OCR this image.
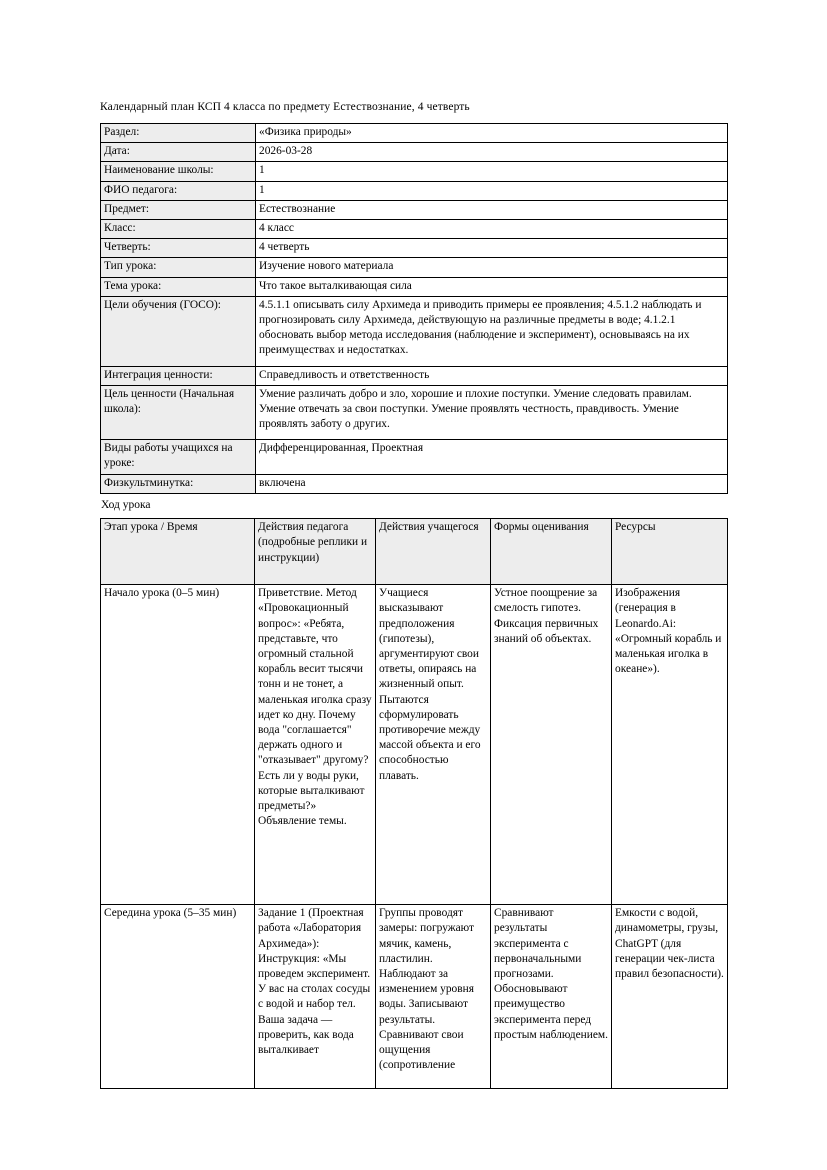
Календарный план КСП 4 класса по предмету Естествознание, 4 четверть
Раздел:	«Физика природы»
Дата:	2026-03-28
Наименование школы:	1
ФИО педагога:	1
Предмет:	Естествознание
Класс:	4 класс
Четверть:	4 четверть
Тип урока:	Изучение нового материала
Тема урока:	Что такое выталкивающая сила
Цели обучения (ГОСО):	4.5.1.1 описывать силу Архимеда и приводить примеры ее проявления; 4.5.1.2 наблюдать и прогнозировать силу Архимеда, действующую на различные предметы в воде; 4.1.2.1 обосновать выбор метода исследования (наблюдение и эксперимент), основываясь на их преимуществах и недостатках.
Интеграция ценности:	Справедливость и ответственность
Цель ценности (Начальная школа):	Умение различать добро и зло, хорошие и плохие поступки. Умение следовать правилам. Умение отвечать за свои поступки. Умение проявлять честность, правдивость. Умение проявлять заботу о других.
Виды работы учащихся на уроке:	Дифференцированная, Проектная
Физкультминутка:	включена
Ход урока
Этап урока / Время	Действия педагога (подробные реплики и инструкции)	Действия учащегося	Формы оценивания	Ресурсы
Начало урока (0–5 мин)	Приветствие. Метод «Провокационный вопрос»: «Ребята, представьте, что огромный стальной корабль весит тысячи тонн и не тонет, а маленькая иголка сразу идет ко дну. Почему вода "соглашается" держать одного и "отказывает" другому? Есть ли у воды руки, которые выталкивают предметы?» Объявление темы.	Учащиеся высказывают предположения (гипотезы), аргументируют свои ответы, опираясь на жизненный опыт. Пытаются сформулировать противоречие между массой объекта и его способностью плавать.	Устное поощрение за смелость гипотез. Фиксация первичных знаний об объектах.	Изображения (генерация в Leonardo.Ai: «Огромный корабль и маленькая иголка в океане»).
Середина урока (5–35 мин)	Задание 1 (Проектная работа «Лаборатория Архимеда»): Инструкция: «Мы проведем эксперимент. У вас на столах сосуды с водой и набор тел. Ваша задача — проверить, как вода выталкивает	Группы проводят замеры: погружают мячик, камень, пластилин. Наблюдают за изменением уровня воды. Записывают результаты. Сравнивают свои ощущения (сопротивление	Сравнивают результаты эксперимента с первоначальными прогнозами. Обосновывают преимущество эксперимента перед простым наблюдением.	Емкости с водой, динамометры, грузы, ChatGPT (для генерации чек-листа правил безопасности).
